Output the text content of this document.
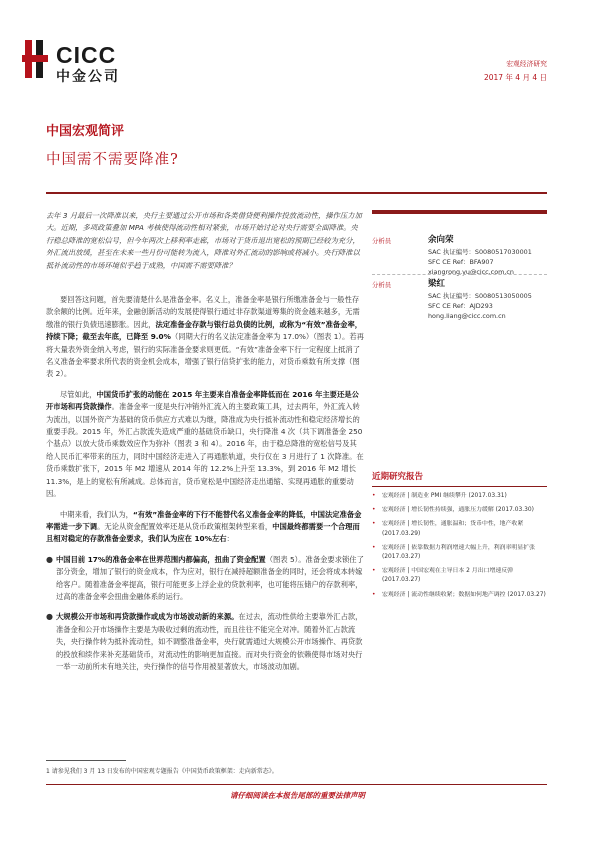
CICC
中金公司
宏观经济研究
2017 年 4 月 4 日
中国宏观简评
中国需不需要降准?
去年 3 月最后一次降准以来，央行主要通过公开市场和各类借贷便利操作投放流动性，操作压力加大。近期，多项政策叠加 MPA 考核使得流动性相对紧张，市场开始讨论对央行需要全面降准。央行稳总降准的宽松信号，但今年两次上移利率走廊，市场对于货币退出宽松的预期已经较为充分，外汇流出放缓，甚至在未来一些月份可能转为流入，降准对外汇流动的影响或将减小。央行降准以抵补流动性的市场环境似乎趋于成熟，中国需不需要降准？

要回答这问题，首先要清楚什么是准备金率。名义上，准备金率是银行所缴准备金与一般性存款余额的比例。近年来，金融创新活动的发展使得银行通过非存款渠道筹集的资金越来越多，无需缴准的银行负债迅速膨胀。因此，法定准备金存款与银行总负债的比例，或称为“有效”准备金率，持续下降；截至去年底，已降至 9.0%（同期大行的名义法定准备金率为 17.0%）（图表 1）。若再将大量表外资金纳入考虑，银行的实际准备金要求则更低。“有效”准备金率下行一定程度上抵消了名义准备金率要求所代表的资金机会成本，增强了银行信贷扩张的能力，对货币乘数有所支撑（图表 2）。

尽管如此，中国货币扩张的动能在 2015 年主要来自准备金率降低而在 2016 年主要还是公开市场和再贷款操作。准备金率一度是央行冲销外汇流入的主要政策工具，过去两年，外汇流入转为流出，以国外资产为基础的货币供应方式难以为继，降准成为央行抵补流动性和稳定经济增长的重要手段。2015 年，外汇占款流失造成严重的基础货币缺口，央行降准 4 次（共下调准备金 250 个基点）以放大货币乘数效应作为弥补（图表 3 和 4）。2016 年，由于稳总降准的宽松信号及其给人民币汇率带来的压力，同时中国经济走进入了再通胀轨道，央行仅在 3 月进行了 1 次降准。在货币乘数扩张下，2015 年 M2 增速从 2014 年的 12.2%上升至 13.3%，到 2016 年 M2 增长 11.3%，是上的宽松有所减成。总体而言，货币宽松是中国经济走出通缩、实现再通胀的重要动因。

中期来看，我们认为，“有效”准备金率的下行不能替代名义准备金率的降低，中国法定准备金率需进一步下调。无论从资金配置效率还是从货币政策框架转型来看，中国最终都需要一个合理而且相对稳定的存款准备金要求，我们认为应在 10%左右：

● 中国目前 17%的准备金率在世界范围内都偏高，扭曲了资金配置（图表 5）。准备金要求锁住了部分资金，增加了银行的资金成本，作为应对，银行在减持超额准备金的同时，还会将成本转嫁给客户。随着准备金率提高，银行可能更多上浮企业的贷款利率，也可能将压储户的存款利率，过高的准备金率会扭曲金融体系的运行。
● 大规模公开市场和再贷款操作或成为市场波动新的来源。在过去，流动性供给主要靠外汇占款，准备金和公开市场操作主要是为吸收过剩的流动性，而且往往不能完全对冲。随着外汇占款流失，央行操作转为抵补流动性，如不调整准备金率，央行就需通过大规模公开市场操作、再贷款的投放和续作来补充基础货币，对流动性的影响更加直接。而对央行资金的依赖使得市场对央行一举一动前所未有地关注，央行操作的信号作用被显著放大，市场波动加剧。
分析员	余向荣
SAC 执证编号：S0080517030001
SFC CE Ref：BFA907
xiangrong.yu@cicc.com.cn
分析员	梁红
SAC 执证编号：S0080513050005
SFC CE Ref：AJD293
hong.liang@cicc.com.cn
近期研究报告
•	宏观经济 | 制造业 PMI 继续攀升 (2017.03.31)
•	宏观经济 | 增长韧性持续强，通胀压力缓解 (2017.03.30)
•	宏观经济 | 增长韧性，通胀温和；货币中性，地产收紧 (2017.03.29)
•	宏观经济 | 依靠数据力利润增速大幅上升，利润率明显扩张 (2017.03.27)
•	宏观经济 | 中国宏观在主导日本 2 月出口增速反弹 (2017.03.27)
•	宏观经济 | 流动性继续收紧；数据如何地产调控 (2017.03.27)
1 请参见我们 3 月 13 日发布的中国宏观专题报告《中国货币政策框架：走向新常态》。
请仔细阅读在本报告尾部的重要法律声明
